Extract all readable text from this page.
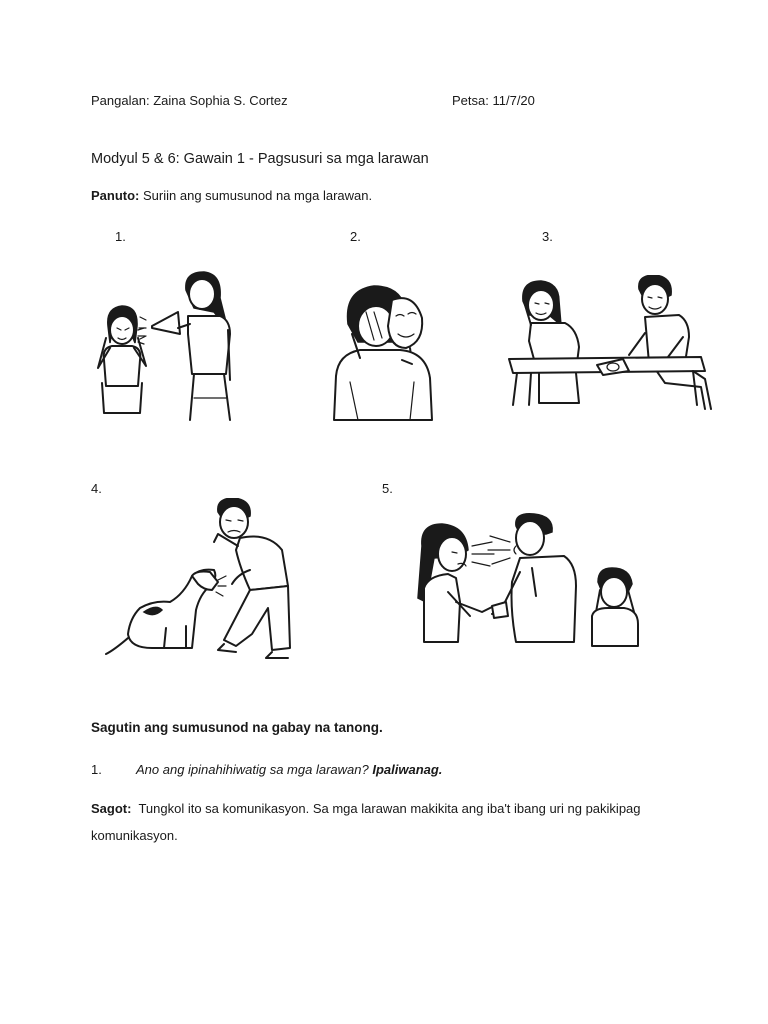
Pangalan: Zaina Sophia S. Cortez	Petsa: 11/7/20
Modyul 5 & 6: Gawain 1 - Pagsusuri sa mga larawan
Panuto: Suriin ang sumusunod na mga larawan.
1.	2.	3.
4.	5.
Sagutin ang sumusunod na gabay na tanong.
1.	Ano ang ipinahihiwatig sa mga larawan? Ipaliwanag.
Sagot: Tungkol ito sa komunikasyon. Sa mga larawan makikita ang iba't ibang uri ng pakikipag
komunikasyon.
